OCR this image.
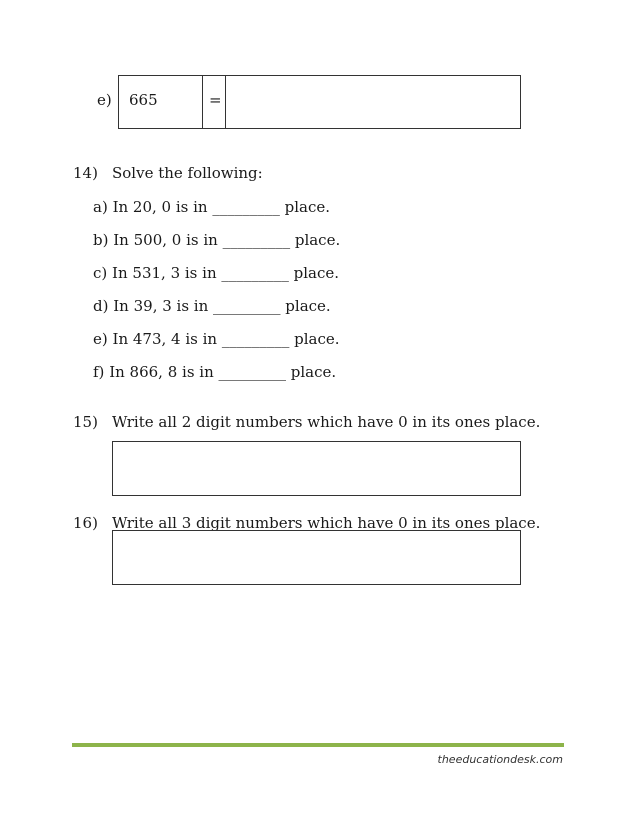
e)	665	=
14) Solve the following:
a) In 20, 0 is in _________ place.
b) In 500, 0 is in _________ place.
c) In 531, 3 is in _________ place.
d) In 39, 3 is in _________ place.
e) In 473, 4 is in _________ place.
f) In 866, 8 is in _________ place.
15) Write all 2 digit numbers which have 0 in its ones place.
16) Write all 3 digit numbers which have 0 in its ones place.
theeducationdesk.com
